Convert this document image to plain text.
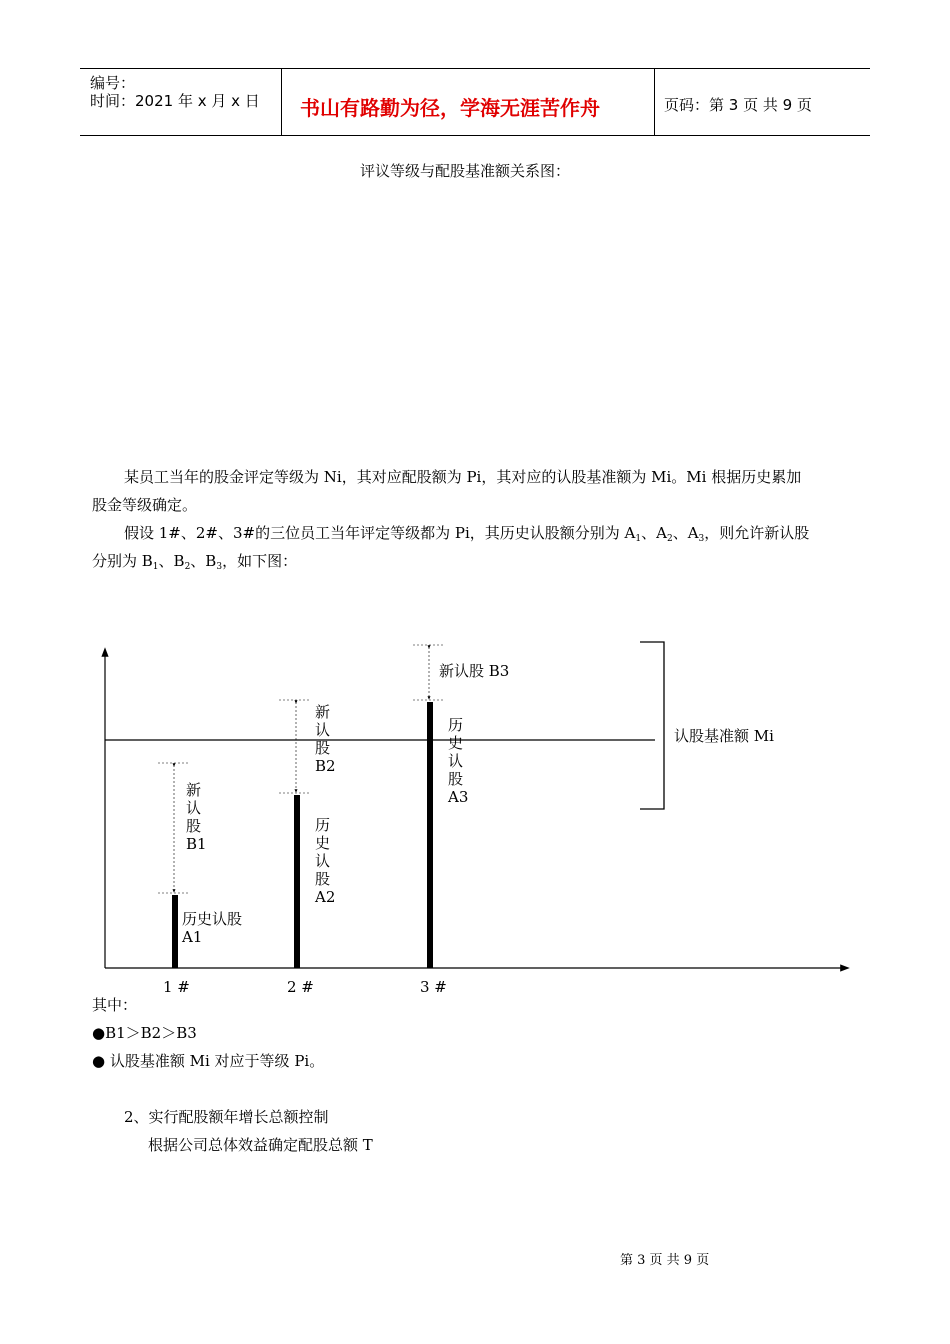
编号：
时间：2021 年 x 月 x 日 书山有路勤为径，学海无涯苦作舟	页码：第 3 页 共 9 页
评议等级与配股基准额关系图：
某员工当年的股金评定等级为 Ni，其对应配股额为 Pi，其对应的认股基准额为 Mi。Mi 根据历史累加
股金等级确定。
假设 1#、2#、3#的三位员工当年评定等级都为 Pi，其历史认股额分别为 $A_1$、$A_2$、$A_3$，则允许新认股
分别为 $B_1$、$B_2$、$B_3$，如下图：
认股基准额 Mi
新
认
股
B1
历史认股
A1
1 #
新
认
股
B2
历
史
认
股
A2
2 #
新认股 B3
历
史
认
股
A3
3 #
其中：
●B1＞B2＞B3
● 认股基准额 Mi 对应于等级 Pi。
2、实行配股额年增长总额控制
根据公司总体效益确定配股总额 T
第 3 页 共 9 页
